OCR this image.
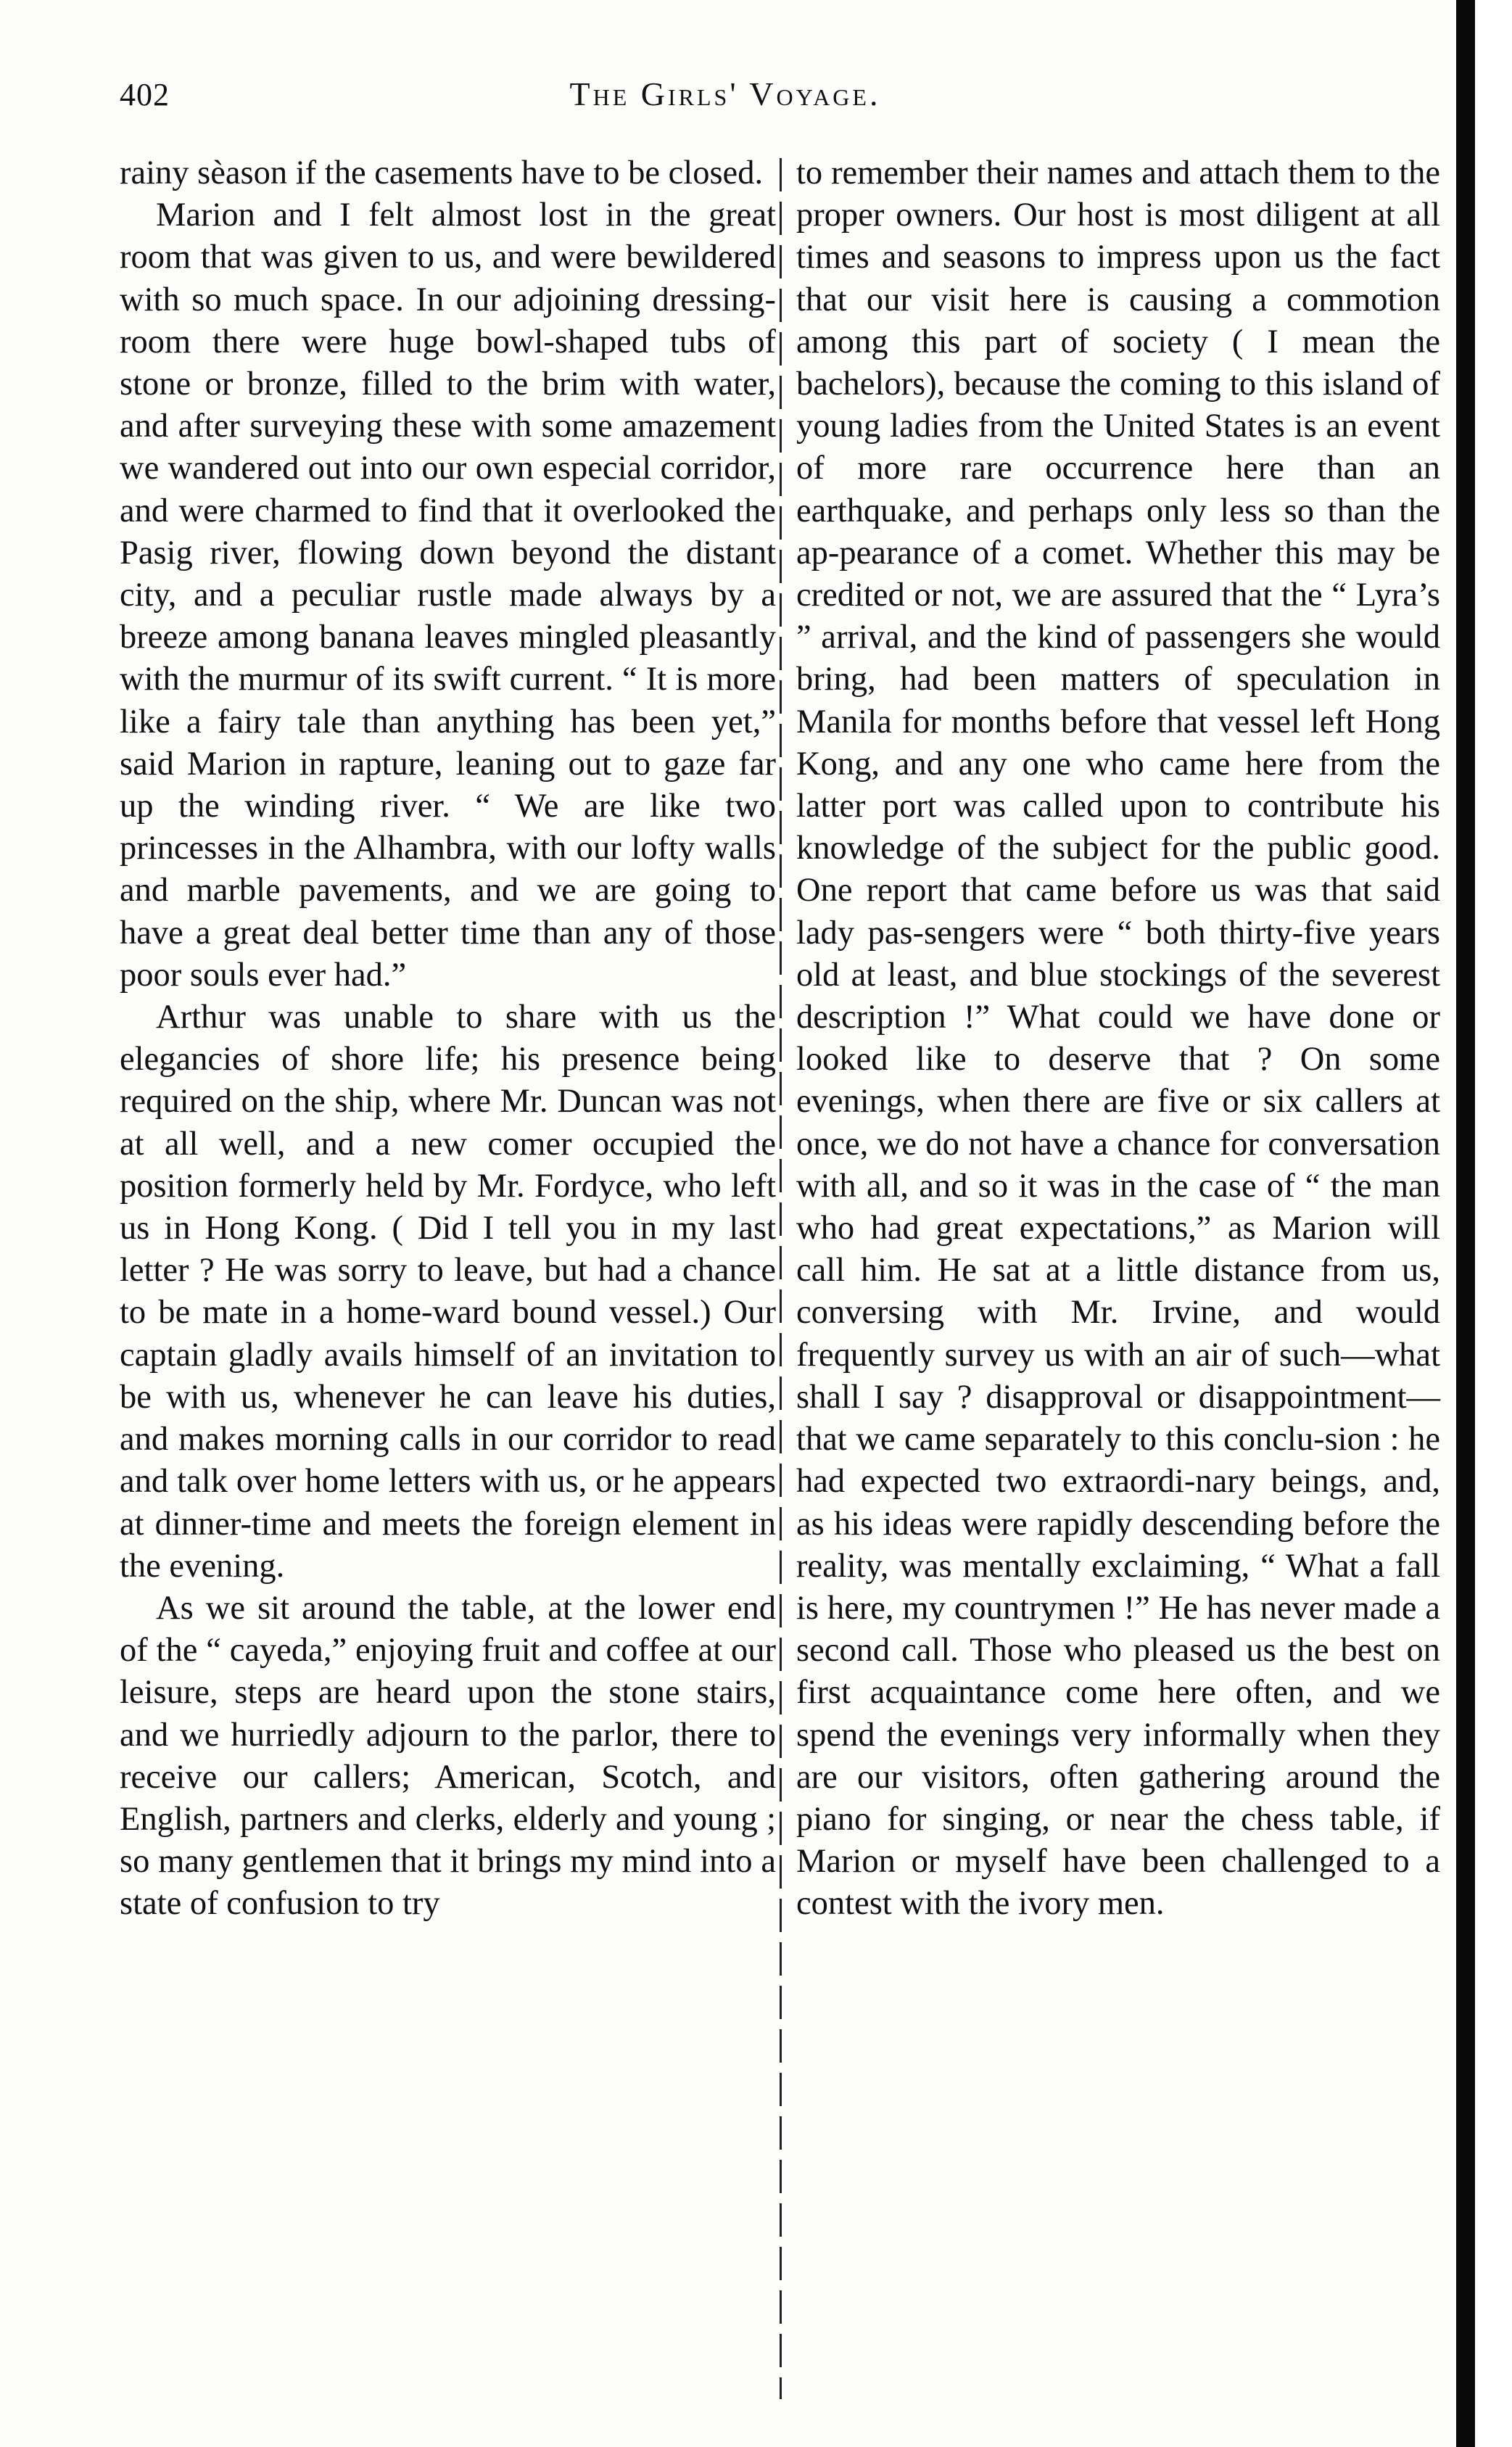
402	The Girls' Voyage.

rainy sèason if the casements have to be closed.

Marion and I felt almost lost in the great room that was given to us, and were bewildered with so much space. In our adjoining dressing-room there were huge bowl-shaped tubs of stone or bronze, filled to the brim with water, and after surveying these with some amazement we wandered out into our own especial corridor, and were charmed to find that it overlooked the Pasig river, flowing down beyond the distant city, and a peculiar rustle made always by a breeze among banana leaves mingled pleasantly with the murmur of its swift current. “ It is more like a fairy tale than anything has been yet,” said Marion in rapture, leaning out to gaze far up the winding river. “ We are like two princesses in the Alhambra, with our lofty walls and marble pavements, and we are going to have a great deal better time than any of those poor souls ever had.”

Arthur was unable to share with us the elegancies of shore life; his presence being required on the ship, where Mr. Duncan was not at all well, and a new comer occupied the position formerly held by Mr. Fordyce, who left us in Hong Kong. ( Did I tell you in my last letter ? He was sorry to leave, but had a chance to be mate in a home-ward bound vessel.) Our captain gladly avails himself of an invitation to be with us, whenever he can leave his duties, and makes morning calls in our corridor to read and talk over home letters with us, or he appears at dinner-time and meets the foreign element in the evening.

As we sit around the table, at the lower end of the “ cayeda,” enjoying fruit and coffee at our leisure, steps are heard upon the stone stairs, and we hurriedly adjourn to the parlor, there to receive our callers; American, Scotch, and English, partners and clerks, elderly and young ; so many gentlemen that it brings my mind into a state of confusion to try

to remember their names and attach them to the proper owners. Our host is most diligent at all times and seasons to impress upon us the fact that our visit here is causing a commotion among this part of society ( I mean the bachelors), because the coming to this island of young ladies from the United States is an event of more rare occurrence here than an earthquake, and perhaps only less so than the ap-pearance of a comet. Whether this may be credited or not, we are assured that the “ Lyra’s ” arrival, and the kind of passengers she would bring, had been matters of speculation in Manila for months before that vessel left Hong Kong, and any one who came here from the latter port was called upon to contribute his knowledge of the subject for the public good. One report that came before us was that said lady pas-sengers were “ both thirty-five years old at least, and blue stockings of the severest description !” What could we have done or looked like to deserve that ? On some evenings, when there are five or six callers at once, we do not have a chance for conversation with all, and so it was in the case of “ the man who had great expectations,” as Marion will call him. He sat at a little distance from us, conversing with Mr. Irvine, and would frequently survey us with an air of such—what shall I say ? disapproval or disappointment—that we came separately to this conclu-sion : he had expected two extraordi-nary beings, and, as his ideas were rapidly descending before the reality, was mentally exclaiming, “ What a fall is here, my countrymen !” He has never made a second call. Those who pleased us the best on first acquaintance come here often, and we spend the evenings very informally when they are our visitors, often gathering around the piano for singing, or near the chess table, if Marion or myself have been challenged to a contest with the ivory men.
